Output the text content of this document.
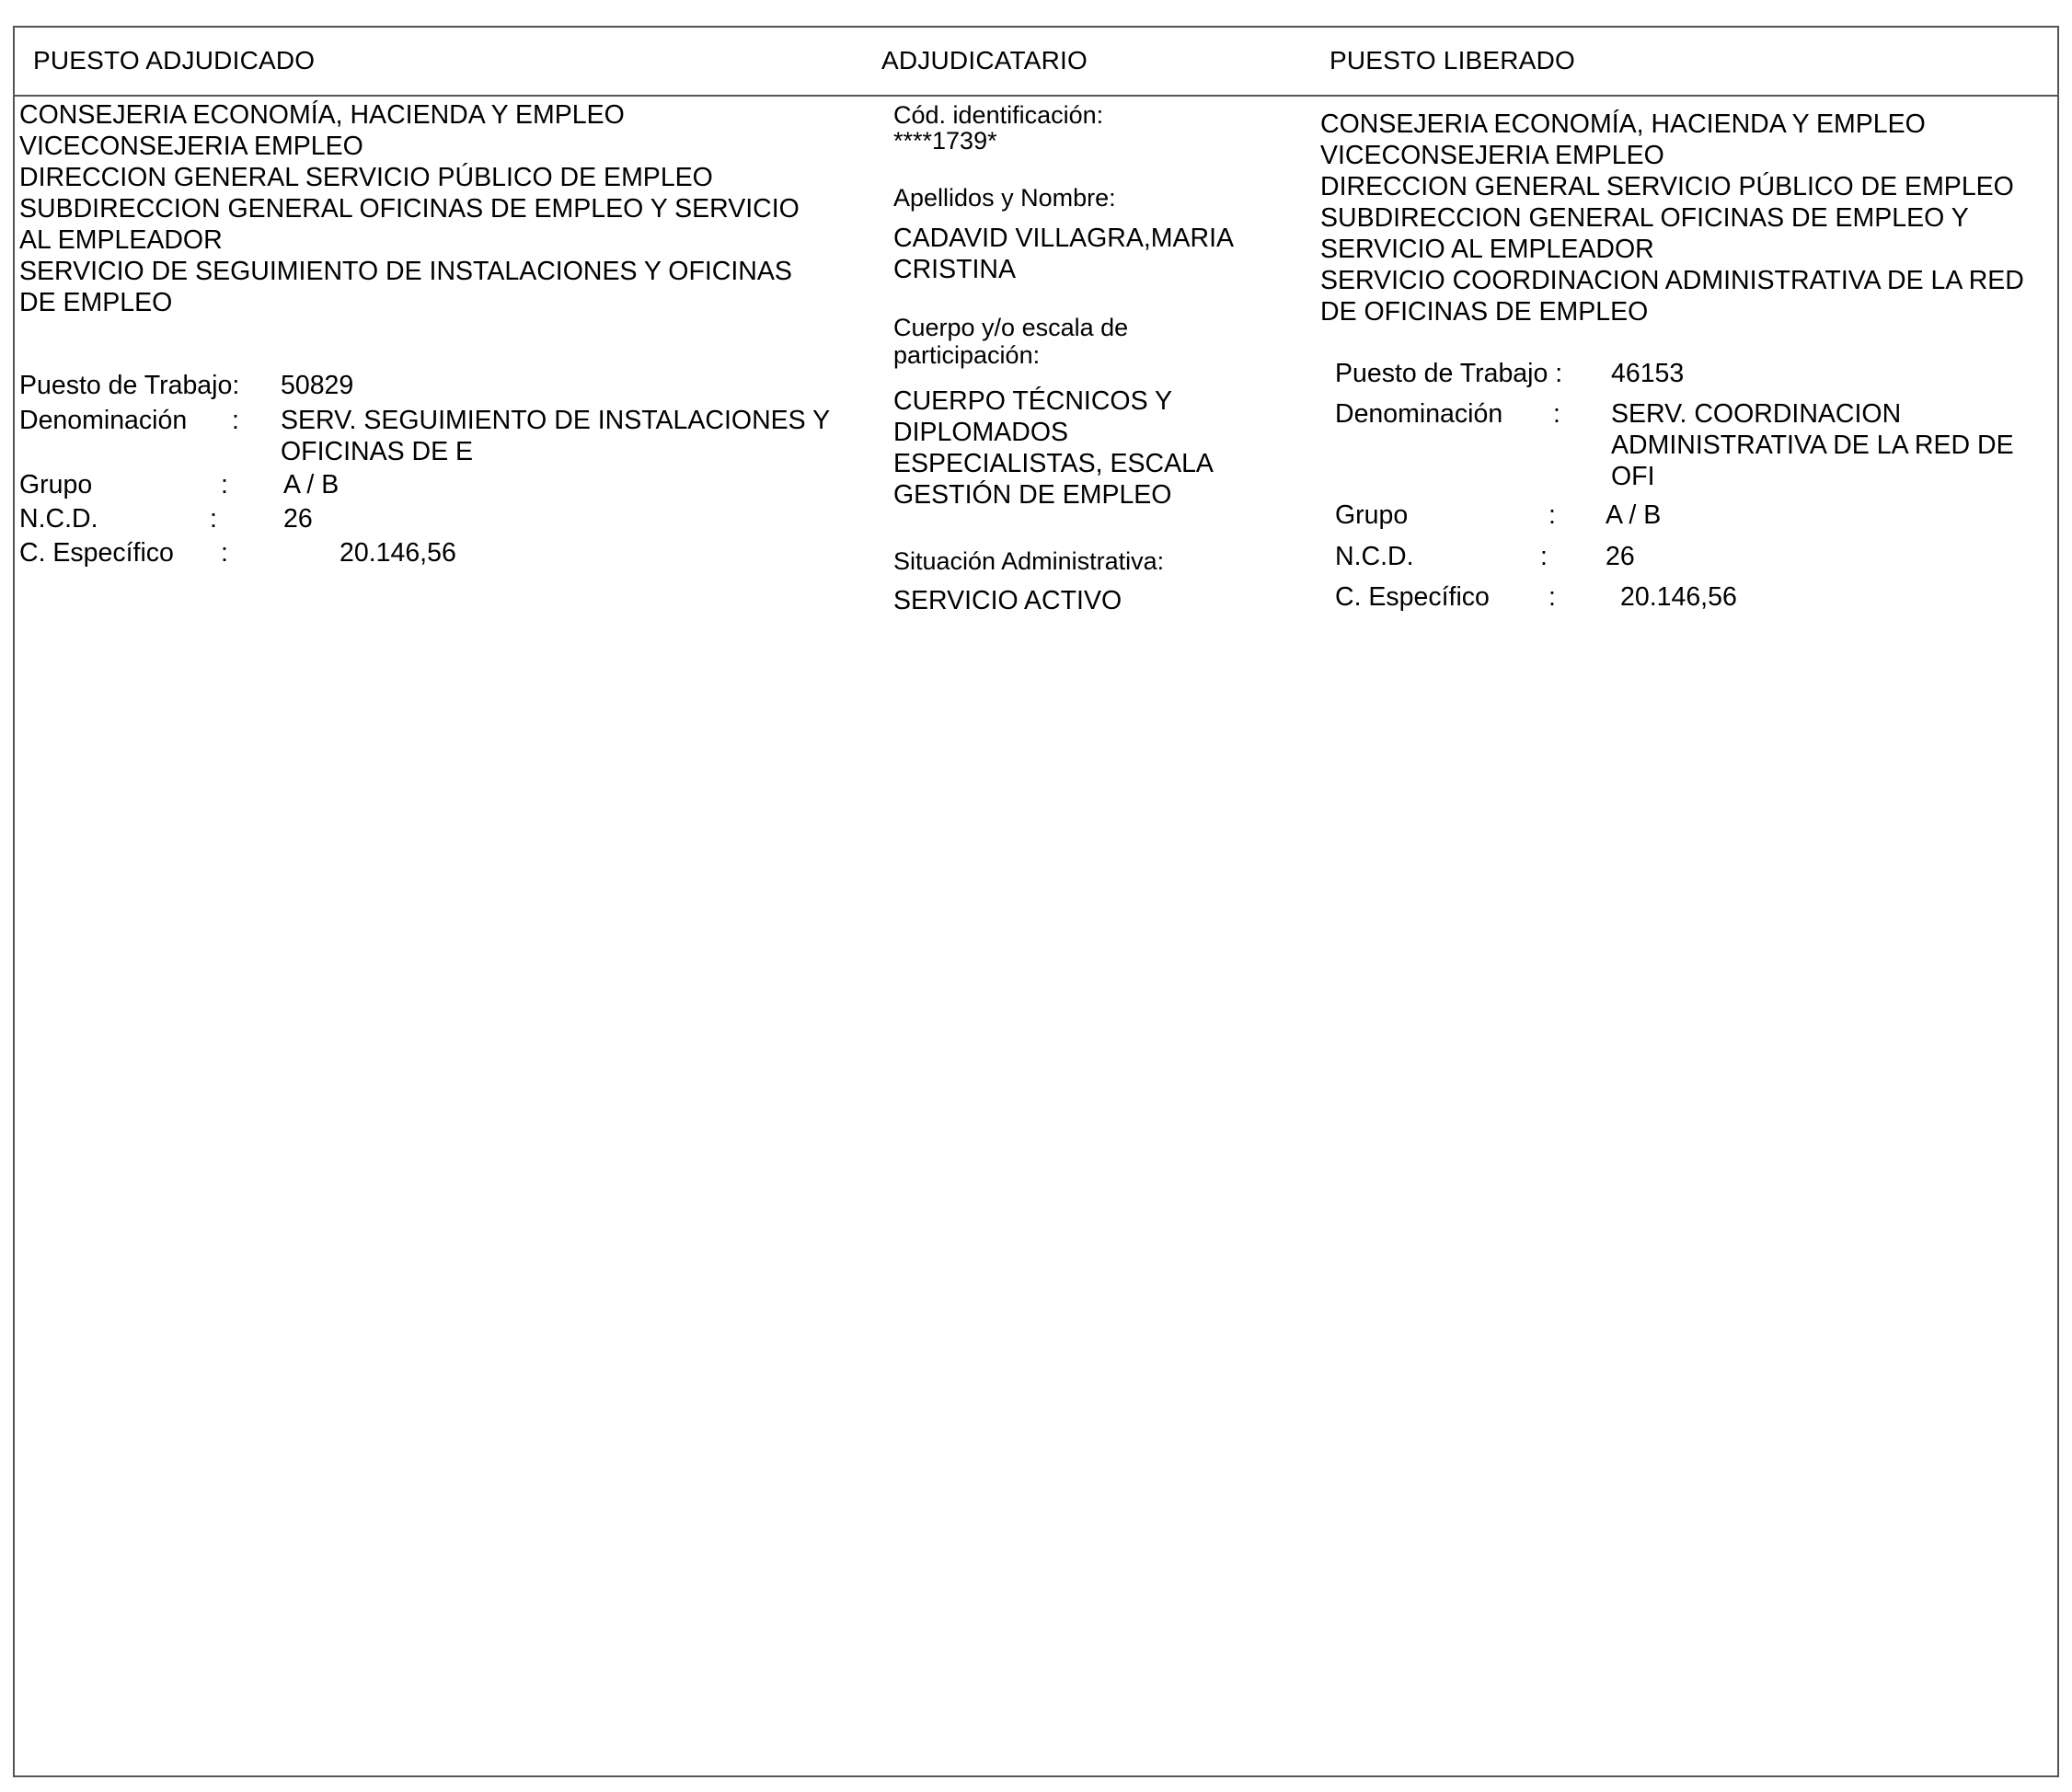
PUESTO ADJUDICADO	ADJUDICATARIO	PUESTO LIBERADO
CONSEJERIA ECONOMÍA, HACIENDA Y EMPLEO
VICECONSEJERIA EMPLEO
DIRECCION GENERAL SERVICIO PÚBLICO DE EMPLEO
SUBDIRECCION GENERAL OFICINAS DE EMPLEO Y SERVICIO
AL EMPLEADOR
SERVICIO DE SEGUIMIENTO DE INSTALACIONES Y OFICINAS
DE EMPLEO
Puesto de Trabajo: 50829
Denominación : SERV. SEGUIMIENTO DE INSTALACIONES Y
OFICINAS DE E
Grupo	: A / B
N.C.D.	:	26
C. Específico :	20.146,56
Cód. identificación:
****1739*
Apellidos y Nombre:
CADAVID VILLAGRA,MARIA
CRISTINA
Cuerpo y/o escala de
participación:
CUERPO TÉCNICOS Y
DIPLOMADOS
ESPECIALISTAS, ESCALA
GESTIÓN DE EMPLEO
Situación Administrativa:
SERVICIO ACTIVO
CONSEJERIA ECONOMÍA, HACIENDA Y EMPLEO
VICECONSEJERIA EMPLEO
DIRECCION GENERAL SERVICIO PÚBLICO DE EMPLEO
SUBDIRECCION GENERAL OFICINAS DE EMPLEO Y
SERVICIO AL EMPLEADOR
SERVICIO COORDINACION ADMINISTRATIVA DE LA RED
DE OFICINAS DE EMPLEO
Puesto de Trabajo : 46153
Denominación : SERV. COORDINACION
ADMINISTRATIVA DE LA RED DE
OFI
Grupo	: A / B
N.C.D.	: 26
C. Específico : 20.146,56
